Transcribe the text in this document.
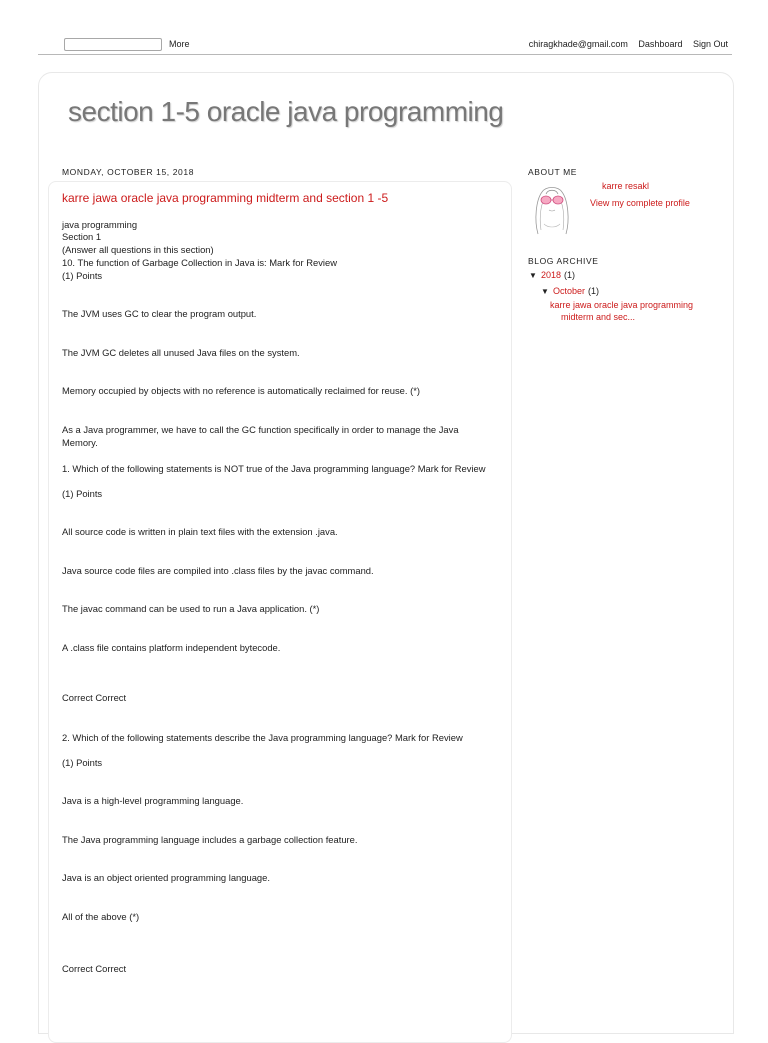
More	chiragkhade@gmail.com Dashboard Sign Out
section 1-5 oracle java programming
MONDAY, OCTOBER 15, 2018
karre jawa oracle java programming midterm and section 1 -5
java programming
Section 1
(Answer all questions in this section)
10. The function of Garbage Collection in Java is: Mark for Review
(1) Points
The JVM uses GC to clear the program output.
The JVM GC deletes all unused Java files on the system.
Memory occupied by objects with no reference is automatically reclaimed for reuse. (*)
As a Java programmer, we have to call the GC function specifically in order to manage the Java Memory.
1. Which of the following statements is NOT true of the Java programming language? Mark for Review
(1) Points
All source code is written in plain text files with the extension .java.
Java source code files are compiled into .class files by the javac command.
The javac command can be used to run a Java application. (*)
A .class file contains platform independent bytecode.
Correct Correct
2. Which of the following statements describe the Java programming language? Mark for Review
(1) Points
Java is a high-level programming language.
The Java programming language includes a garbage collection feature.
Java is an object oriented programming language.
All of the above (*)
Correct Correct
ABOUT ME
karre resakl
View my complete profile
BLOG ARCHIVE
▼ 2018 (1)
▼ October (1)
karre jawa oracle java programming
midterm and sec...
